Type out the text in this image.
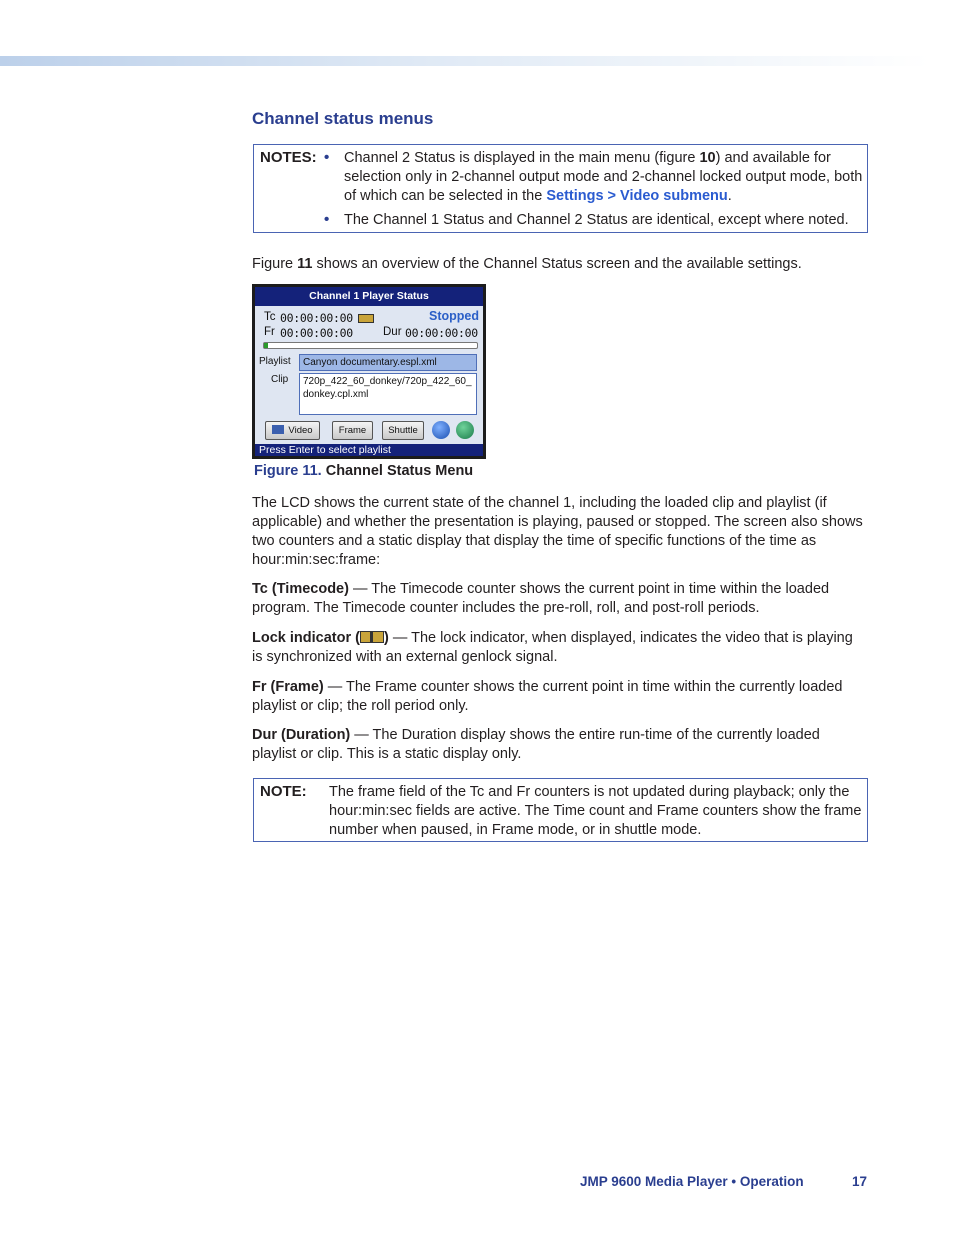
Channel status menus
NOTES: • Channel 2 Status is displayed in the main menu (figure 10) and available for selection only in 2-channel output mode and 2-channel locked output mode, both of which can be selected in the Settings > Video submenu.
• The Channel 1 Status and Channel 2 Status are identical, except where noted.

Figure 11 shows an overview of the Channel Status screen and the available settings.

Channel 1 Player Status
Tc 00:00:00:00	Stopped
Fr 00:00:00:00	Dur 00:00:00:00
Playlist	Canyon documentary.espl.xml
Clip 720p_422_60_donkey/720p_422_60_
donkey.cpl.xml
Video	Frame	Shuttle
Press Enter to select playlist
Figure 11. Channel Status Menu

The LCD shows the current state of the channel 1, including the loaded clip and playlist (if applicable) and whether the presentation is playing, paused or stopped. The screen also shows two counters and a static display that display the time of specific functions of the time as hour:min:sec:frame:

Tc (Timecode) — The Timecode counter shows the current point in time within the loaded program. The Timecode counter includes the pre-roll, roll, and post-roll periods.

Lock indicator ( ) — The lock indicator, when displayed, indicates the video that is playing is synchronized with an external genlock signal.

Fr (Frame) — The Frame counter shows the current point in time within the currently loaded playlist or clip; the roll period only.

Dur (Duration) — The Duration display shows the entire run-time of the currently loaded playlist or clip. This is a static display only.

NOTE: The frame field of the Tc and Fr counters is not updated during playback; only the hour:min:sec fields are active. The Time count and Frame counters show the frame number when paused, in Frame mode, or in shuttle mode.
JMP 9600 Media Player • Operation	17
